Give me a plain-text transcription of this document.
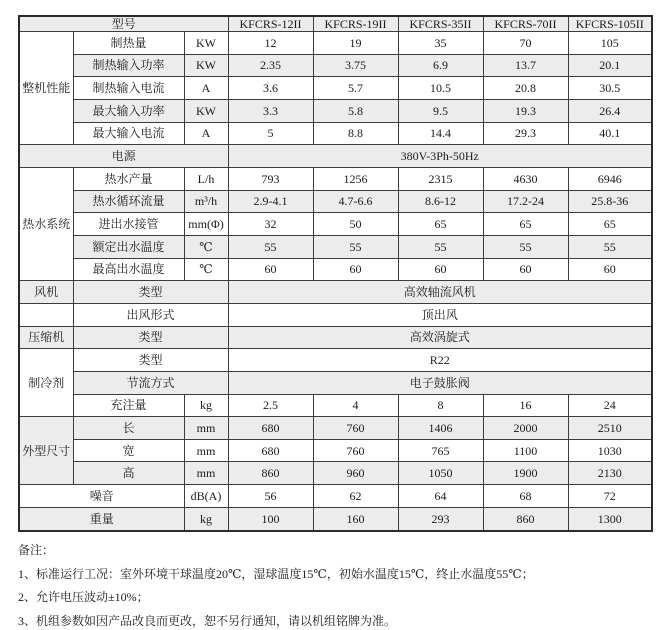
型号			KFCRS-12II	KFCRS-19II	KFCRS-35II	KFCRS-70II	KFCRS-105II
整机性能	制热量	KW	12	19	35	70	105
	制热输入功率	KW	2.35	3.75	6.9	13.7	20.1
	制热输入电流	A	3.6	5.7	10.5	20.8	30.5
	最大输入功率	KW	3.3	5.8	9.5	19.3	26.4
	最大输入电流	A	5	8.8	14.4	29.3	40.1
电源			380V-3Ph-50Hz				
热水系统	热水产量	L/h	793	1256	2315	4630	6946
	热水循环流量	m³/h	2.9-4.1	4.7-6.6	8.6-12	17.2-24	25.8-36
	进出水接管	mm(Φ)	32	50	65	65	65
	额定出水温度	℃	55	55	55	55	55
	最高出水温度	℃	60	60	60	60	60
风机	类型		高效轴流风机				
	出风形式		顶出风				
压缩机	类型		高效涡旋式				
制冷剂	类型		R22				
	节流方式		电子鼓胀阀				
	充注量	kg	2.5	4	8	16	24
外型尺寸	长	mm	680	760	1406	2000	2510
	宽	mm	680	760	765	1100	1030
	高	mm	860	960	1050	1900	2130
噪音		dB(A)	56	62	64	68	72
重量		kg	100	160	293	860	1300
备注：
1、标准运行工况：室外环境干球温度20℃，湿球温度15℃，初始水温度15℃，终止水温度55℃；
2、允许电压波动±10%；
3、机组参数如因产品改良而更改，恕不另行通知，请以机组铭牌为准。
